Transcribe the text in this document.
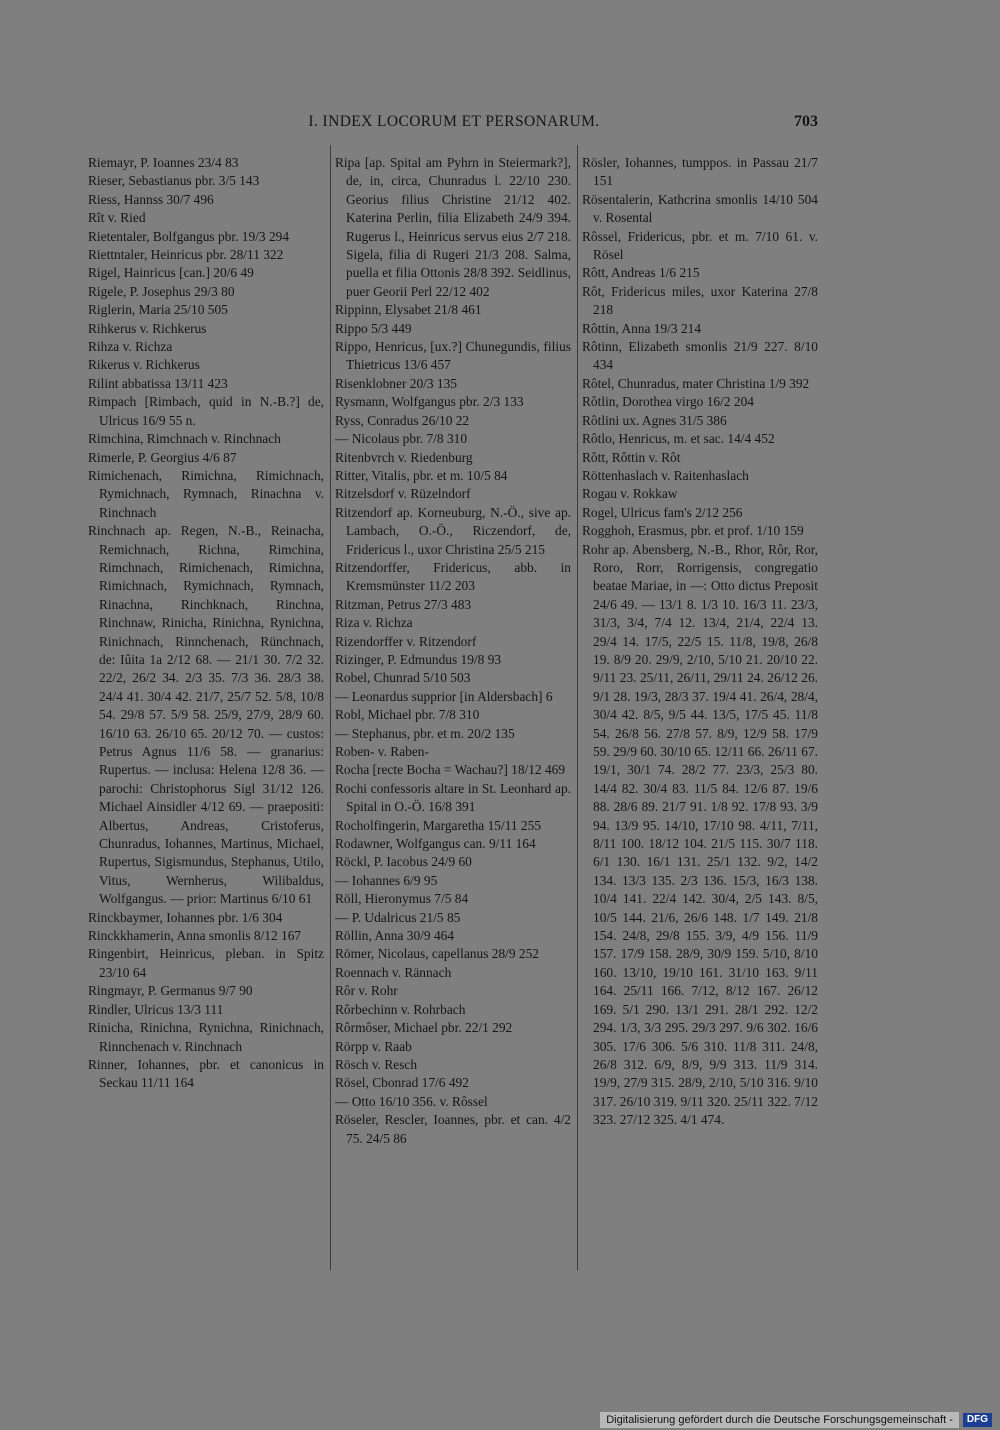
I. INDEX LOCORUM ET PERSONARUM.	703

Riemayr, P. Ioannes 23/4 83

Rieser, Sebastianus pbr. 3/5 143

Riess, Hannss 30/7 496

Rît v. Ried

Rietentaler, Bolfgangus pbr. 19/3 294

Riettntaler, Heinricus pbr. 28/11 322

Rigel, Hainricus [can.] 20/6 49

Rigele, P. Josephus 29/3 80

Riglerin, Maria 25/10 505

Rihkerus v. Richkerus

Rihza v. Richza

Rikerus v. Richkerus

Rilint abbatissa 13/11 423

Rimpach [Rimbach, quid in N.-B.?] de, Ulricus 16/9 55 n.

Rimchina, Rimchnach v. Rinchnach

Rimerle, P. Georgius 4/6 87

Rimichenach, Rimichna, Rimichnach, Rymichnach, Rymnach, Rinachna v. Rinchnach

Rinchnach ap. Regen, N.-B., Reinacha, Remichnach, Richna, Rimchina, Rimchnach, Rimichenach, Rimichna, Rimichnach, Rymichnach, Rymnach, Rinachna, Rinchknach, Rinchna, Rinchnaw, Rinicha, Rinichna, Rynichna, Rinichnach, Rinnchenach, Rünchnach, de: Iûita 1a 2/12 68. — 21/1 30. 7/2 32. 22/2, 26/2 34. 2/3 35. 7/3 36. 28/3 38. 24/4 41. 30/4 42. 21/7, 25/7 52. 5/8, 10/8 54. 29/8 57. 5/9 58. 25/9, 27/9, 28/9 60. 16/10 63. 26/10 65. 20/12 70. — custos: Petrus Agnus 11/6 58. — granarius: Rupertus. — inclusa: Helena 12/8 36. — parochi: Christophorus Sigl 31/12 126. Michael Ainsidler 4/12 69. — praepositi: Albertus, Andreas, Cristoferus, Chunradus, Iohannes, Martinus, Michael, Rupertus, Sigismundus, Stephanus, Utilo, Vitus, Wernherus, Wilibaldus, Wolfgangus. — prior: Martinus 6/10 61

Rinckbaymer, Iohannes pbr. 1/6 304

Rinckkhamerin, Anna smonlis 8/12 167

Ringenbirt, Heinricus, pleban. in Spitz 23/10 64

Ringmayr, P. Germanus 9/7 90

Rindler, Ulricus 13/3 111

Rinicha, Rinichna, Rynichna, Rinichnach, Rinnchenach v. Rinchnach

Rinner, Iohannes, pbr. et canonicus in Seckau 11/11 164

Ripa [ap. Spital am Pyhrn in Steiermark?], de, in, circa, Chunradus l. 22/10 230. Georius filius Christine 21/12 402. Katerina Perlin, filia Elizabeth 24/9 394. Rugerus l., Heinricus servus eius 2/7 218. Sigela, filia di Rugeri 21/3 208. Salma, puella et filia Ottonis 28/8 392. Seidlinus, puer Georii Perl 22/12 402

Rippinn, Elysabet 21/8 461

Rippo 5/3 449

Rippo, Henricus, [ux.?] Chunegundis, filius Thietricus 13/6 457

Risenklobner 20/3 135

Rysmann, Wolfgangus pbr. 2/3 133

Ryss, Conradus 26/10 22

— Nicolaus pbr. 7/8 310

Ritenbvrch v. Riedenburg

Ritter, Vitalis, pbr. et m. 10/5 84

Ritzelsdorf v. Rüzelndorf

Ritzendorf ap. Korneuburg, N.-Ö., sive ap. Lambach, O.-Ö., Riczendorf, de, Fridericus l., uxor Christina 25/5 215

Ritzendorffer, Fridericus, abb. in Kremsmünster 11/2 203

Ritzman, Petrus 27/3 483

Riza v. Richza

Rizendorffer v. Ritzendorf

Rizinger, P. Edmundus 19/8 93

Robel, Chunrad 5/10 503

— Leonardus supprior [in Aldersbach] 6

Robl, Michael pbr. 7/8 310

— Stephanus, pbr. et m. 20/2 135

Roben- v. Raben-

Rocha [recte Bocha = Wachau?] 18/12 469

Rochi confessoris altare in St. Leonhard ap. Spital in O.-Ö. 16/8 391

Rocholfingerin, Margaretha 15/11 255

Rodawner, Wolfgangus can. 9/11 164

Röckl, P. Iacobus 24/9 60

— Iohannes 6/9 95

Röll, Hieronymus 7/5 84

— P. Udalricus 21/5 85

Röllin, Anna 30/9 464

Römer, Nicolaus, capellanus 28/9 252

Roennach v. Rännach

Rôr v. Rohr

Rôrbechinn v. Rohrbach

Rôrmôser, Michael pbr. 22/1 292

Rörpp v. Raab

Rösch v. Resch

Rösel, Cbonrad 17/6 492

— Otto 16/10 356. v. Rôssel

Röseler, Rescler, Ioannes, pbr. et can. 4/2 75. 24/5 86

Rösler, Iohannes, tumppos. in Passau 21/7 151

Rösentalerin, Kathcrina smonlis 14/10 504 v. Rosental

Rôssel, Fridericus, pbr. et m. 7/10 61. v. Rösel

Rôtt, Andreas 1/6 215

Rôt, Fridericus miles, uxor Katerina 27/8 218

Rôttin, Anna 19/3 214

Rôtinn, Elizabeth smonlis 21/9 227. 8/10 434

Rôtel, Chunradus, mater Christina 1/9 392

Rôtlin, Dorothea virgo 16/2 204

Rôtlini ux. Agnes 31/5 386

Rôtlo, Henricus, m. et sac. 14/4 452

Rôtt, Rôttin v. Rôt

Röttenhaslach v. Raitenhaslach

Rogau v. Rokkaw

Rogel, Ulricus fam's 2/12 256

Rogghoh, Erasmus, pbr. et prof. 1/10 159

Rohr ap. Abensberg, N.-B., Rhor, Rôr, Ror, Roro, Rorr, Rorrigensis, congregatio beatae Mariae, in —: Otto dictus Preposit 24/6 49. — 13/1 8. 1/3 10. 16/3 11. 23/3, 31/3, 3/4, 7/4 12. 13/4, 21/4, 22/4 13. 29/4 14. 17/5, 22/5 15. 11/8, 19/8, 26/8 19. 8/9 20. 29/9, 2/10, 5/10 21. 20/10 22. 9/11 23. 25/11, 26/11, 29/11 24. 26/12 26. 9/1 28. 19/3, 28/3 37. 19/4 41. 26/4, 28/4, 30/4 42. 8/5, 9/5 44. 13/5, 17/5 45. 11/8 54. 26/8 56. 27/8 57. 8/9, 12/9 58. 17/9 59. 29/9 60. 30/10 65. 12/11 66. 26/11 67. 19/1, 30/1 74. 28/2 77. 23/3, 25/3 80. 14/4 82. 30/4 83. 11/5 84. 12/6 87. 19/6 88. 28/6 89. 21/7 91. 1/8 92. 17/8 93. 3/9 94. 13/9 95. 14/10, 17/10 98. 4/11, 7/11, 8/11 100. 18/12 104. 21/5 115. 30/7 118. 6/1 130. 16/1 131. 25/1 132. 9/2, 14/2 134. 13/3 135. 2/3 136. 15/3, 16/3 138. 10/4 141. 22/4 142. 30/4, 2/5 143. 8/5, 10/5 144. 21/6, 26/6 148. 1/7 149. 21/8 154. 24/8, 29/8 155. 3/9, 4/9 156. 11/9 157. 17/9 158. 28/9, 30/9 159. 5/10, 8/10 160. 13/10, 19/10 161. 31/10 163. 9/11 164. 25/11 166. 7/12, 8/12 167. 26/12 169. 5/1 290. 13/1 291. 28/1 292. 12/2 294. 1/3, 3/3 295. 29/3 297. 9/6 302. 16/6 305. 17/6 306. 5/6 310. 11/8 311. 24/8, 26/8 312. 6/9, 8/9, 9/9 313. 11/9 314. 19/9, 27/9 315. 28/9, 2/10, 5/10 316. 9/10 317. 26/10 319. 9/11 320. 25/11 322. 7/12 323. 27/12 325. 4/1 474.

Digitalisierung gefördert durch die Deutsche Forschungsgemeinschaft -	DFG
